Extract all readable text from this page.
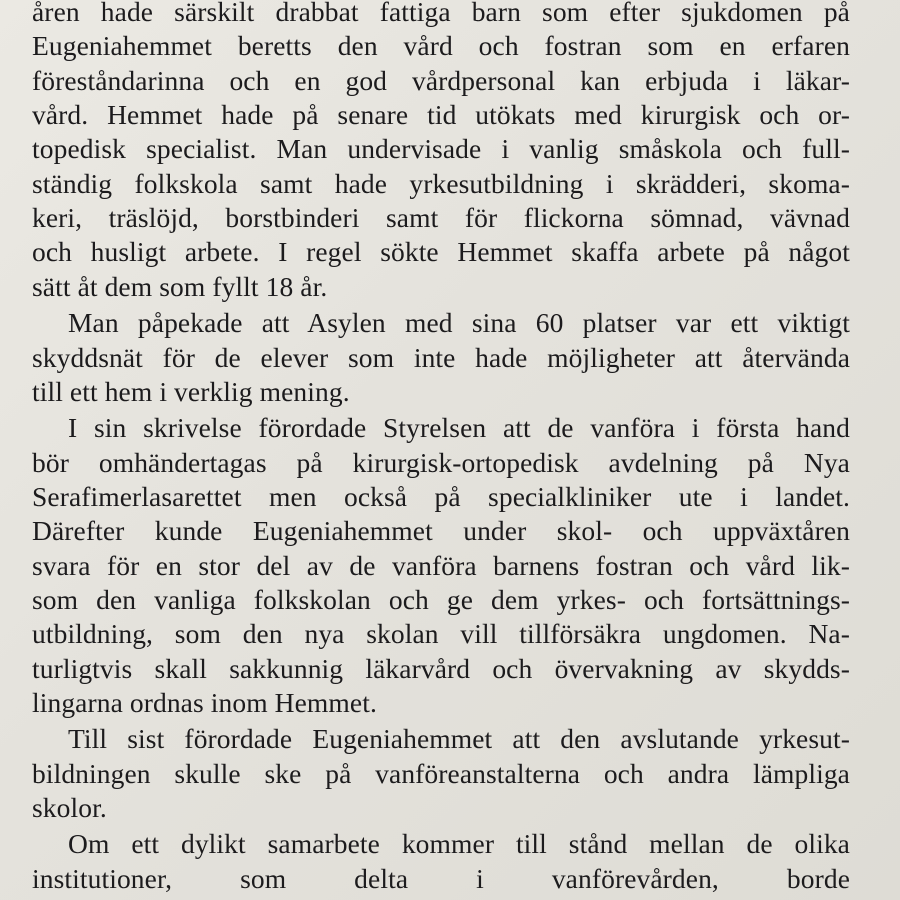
åren hade särskilt drabbat fattiga barn som efter sjukdomen på

Eugeniahemmet beretts den vård och fostran som en erfaren

föreståndarinna och en god vårdpersonal kan erbjuda i läkar-

vård. Hemmet hade på senare tid utökats med kirurgisk och or-

topedisk specialist. Man undervisade i vanlig småskola och full-

ständig folkskola samt hade yrkesutbildning i skrädderi, skoma-

keri, träslöjd, borstbinderi samt för flickorna sömnad, vävnad

och husligt arbete. I regel sökte Hemmet skaffa arbete på något

sätt åt dem som fyllt 18 år.

Man påpekade att Asylen med sina 60 platser var ett viktigt

skyddsnät för de elever som inte hade möjligheter att återvända

till ett hem i verklig mening.

I sin skrivelse förordade Styrelsen att de vanföra i första hand

bör omhändertagas på kirurgisk-ortopedisk avdelning på Nya

Serafimerlasarettet men också på specialkliniker ute i landet.

Därefter kunde Eugeniahemmet under skol- och uppväxtåren

svara för en stor del av de vanföra barnens fostran och vård lik-

som den vanliga folkskolan och ge dem yrkes- och fortsättnings-

utbildning, som den nya skolan vill tillförsäkra ungdomen. Na-

turligtvis skall sakkunnig läkarvård och övervakning av skydds-

lingarna ordnas inom Hemmet.

Till sist förordade Eugeniahemmet att den avslutande yrkesut-

bildningen skulle ske på vanföreanstalterna och andra lämpliga

skolor.

Om ett dylikt samarbete kommer till stånd mellan de olika

institutioner, som delta i vanförevården, borde
